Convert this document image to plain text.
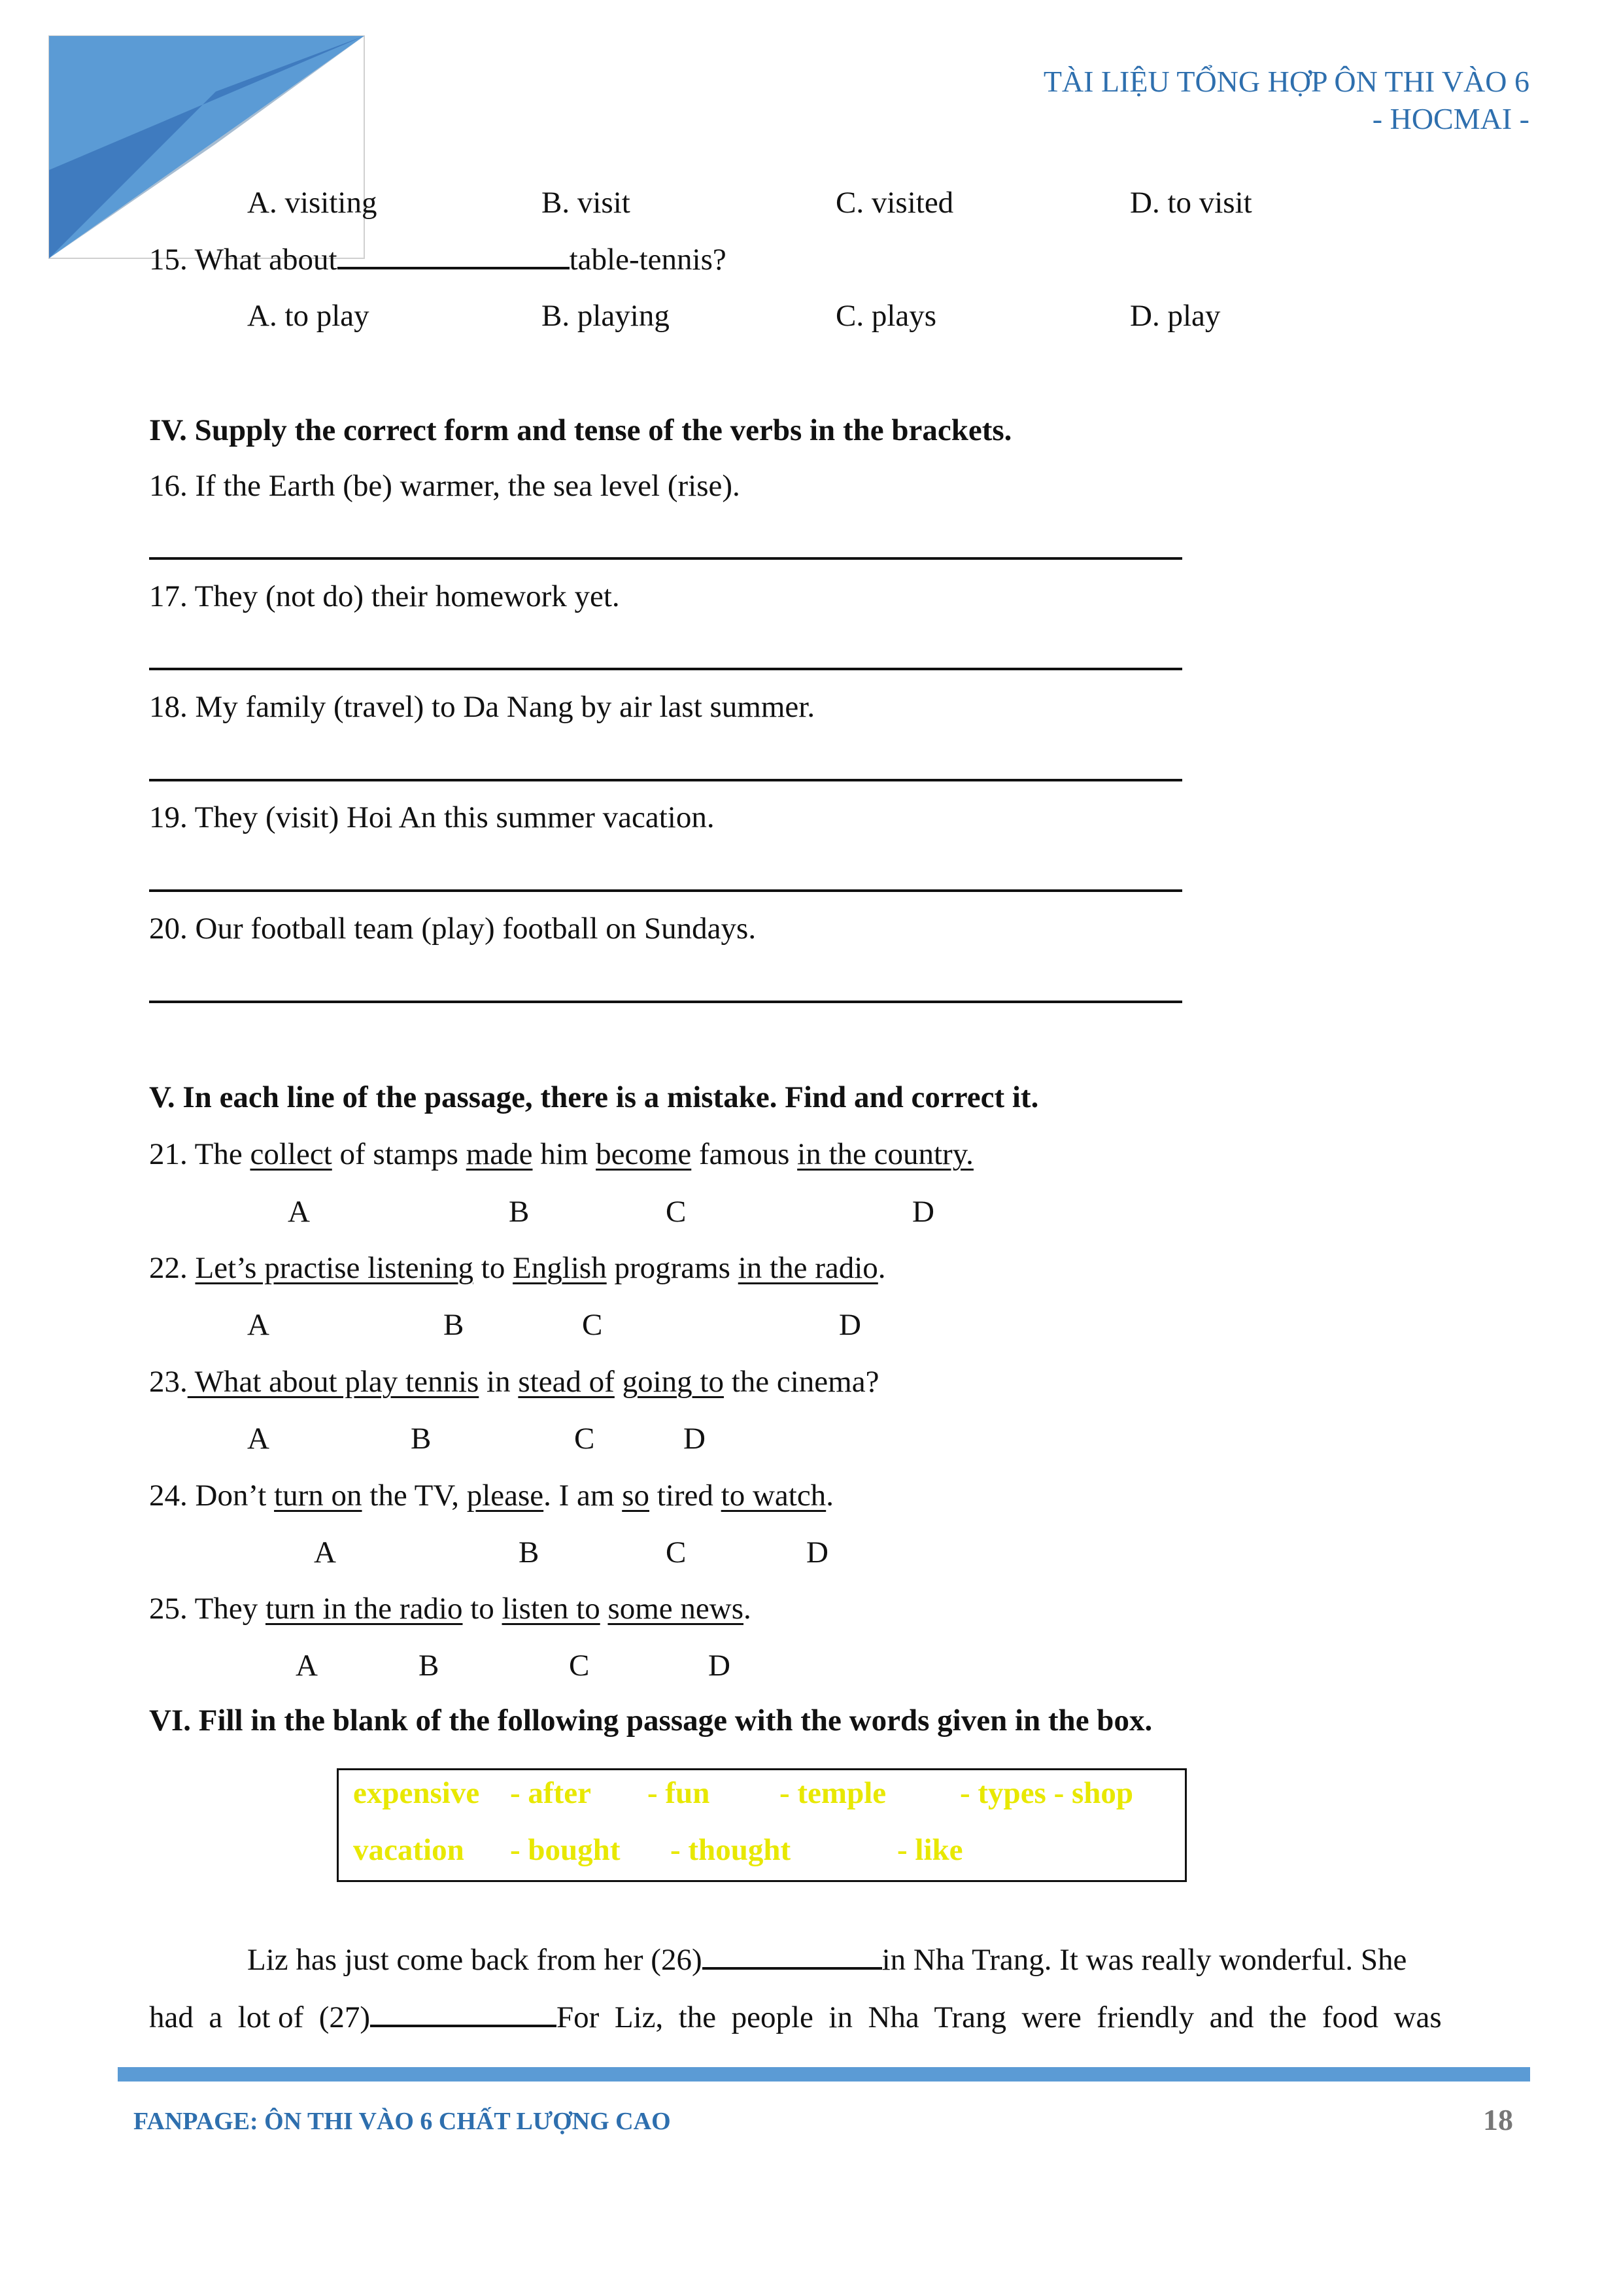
TÀI LIỆU TỔNG HỢP ÔN THI VÀO 6
- HOCMAI -
A. visiting	B. visit	C. visited	D. to visit
15. What about	table-tennis?
A. to play	B. playing	C. plays	D. play
IV. Supply the correct form and tense of the verbs in the brackets.
16. If the Earth (be) warmer, the sea level (rise).
17. They (not do) their homework yet.
18. My family (travel) to Da Nang by air last summer.
19. They (visit) Hoi An this summer vacation.
20. Our football team (play) football on Sundays.
V. In each line of the passage, there is a mistake. Find and correct it.
21. The collect of stamps made him become famous in the country.
A	B	C	D
22. Let’s practise listening to English programs in the radio.
A	B	C	D
23. What about play tennis in stead of going to the cinema?
A	B	C	D
24. Don’t turn on the TV, please. I am so tired to watch.
A	B	C	D
25. They turn in the radio to listen to some news.
A	B	C	D
VI. Fill in the blank of the following passage with the words given in the box.
expensive - after - fun - temple - types - shop
vacation - bought - thought	- like
Liz has just come back from her (26)	in Nha Trang. It was really wonderful. She
had  a  lot of  (27)	For  Liz,  the  people  in  Nha  Trang  were  friendly  and  the  food  was
FANPAGE: ÔN THI VÀO 6 CHẤT LƯỢNG CAO	18
